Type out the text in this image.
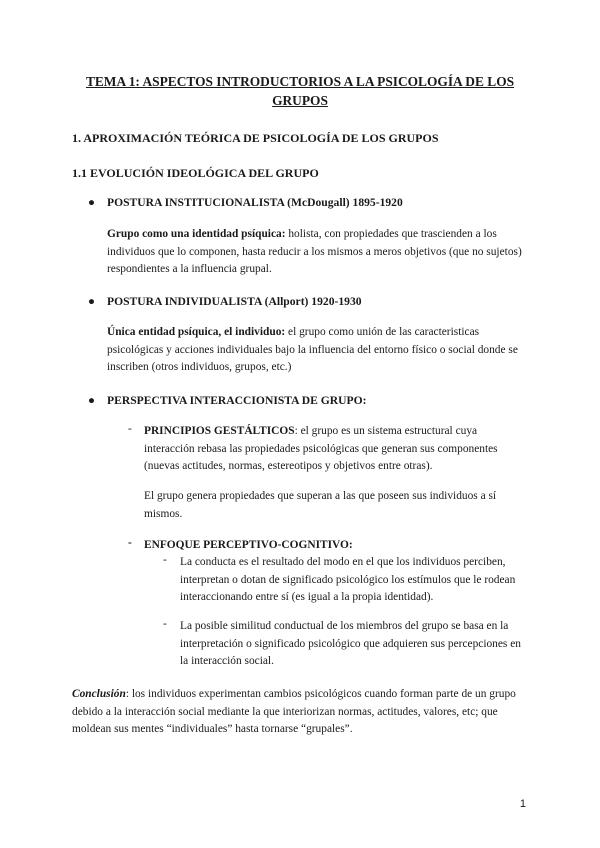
TEMA 1: ASPECTOS INTRODUCTORIOS A LA PSICOLOGÍA DE LOS GRUPOS
1. APROXIMACIÓN TEÓRICA DE PSICOLOGÍA DE LOS GRUPOS
1.1 EVOLUCIÓN IDEOLÓGICA DEL GRUPO
● POSTURA INSTITUCIONALISTA (McDougall) 1895-1920

Grupo como una identidad psíquica: holista, con propiedades que trascienden a los individuos que lo componen, hasta reducir a los mismos a meros objetivos (que no sujetos) respondientes a la influencia grupal.

● POSTURA INDIVIDUALISTA (Allport) 1920-1930

Única entidad psíquica, el individuo: el grupo como unión de las caracteristicas psicológicas y acciones individuales bajo la influencia del entorno físico o social donde se inscriben (otros individuos, grupos, etc.)

● PERSPECTIVA INTERACCIONISTA DE GRUPO:
- PRINCIPIOS GESTÁLTICOS: el grupo es un sistema estructural cuya interacción rebasa las propiedades psicológicas que generan sus componentes (nuevas actitudes, normas, estereotipos y objetivos entre otras).

El grupo genera propiedades que superan a las que poseen sus individuos a sí mismos.

- ENFOQUE PERCEPTIVO-COGNITIVO:
- La conducta es el resultado del modo en el que los individuos perciben, interpretan o dotan de significado psicológico los estímulos que le rodean interaccionando entre sí (es igual a la propia identidad).

- La posible similitud conductual de los miembros del grupo se basa en la interpretación o significado psicológico que adquieren sus percepciones en la interacción social.

Conclusión: los individuos experimentan cambios psicológicos cuando forman parte de un grupo debido a la interacción social mediante la que interiorizan normas, actitudes, valores, etc; que moldean sus mentes “individuales” hasta tornarse “grupales”.

1
